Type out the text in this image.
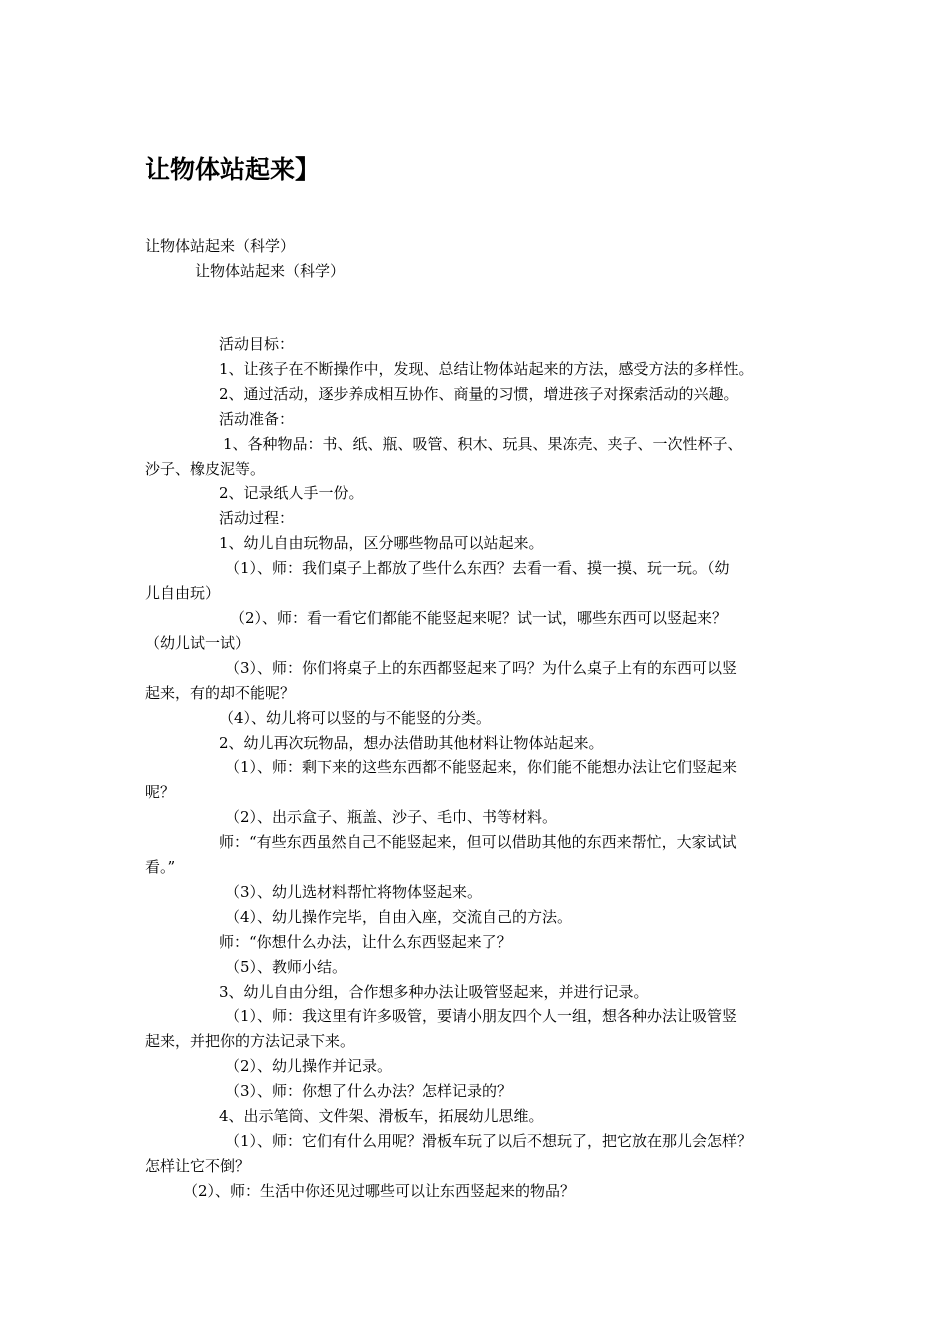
让物体站起来】
让物体站起来（科学）
让物体站起来（科学）

活动目标：

1、让孩子在不断操作中，发现、总结让物体站起来的方法，感受方法的多样性。

2、通过活动，逐步养成相互协作、商量的习惯，增进孩子对探索活动的兴趣。

活动准备：

1、各种物品：书、纸、瓶、吸管、积木、玩具、果冻壳、夹子、一次性杯子、

沙子、橡皮泥等。

2、记录纸人手一份。

活动过程：

1、幼儿自由玩物品，区分哪些物品可以站起来。

（1）、师：我们桌子上都放了些什么东西？去看一看、摸一摸、玩一玩。（幼

儿自由玩）

（2）、师：看一看它们都能不能竖起来呢？试一试，哪些东西可以竖起来？

（幼儿试一试）

（3）、师：你们将桌子上的东西都竖起来了吗？为什么桌子上有的东西可以竖

起来，有的却不能呢？

（4）、幼儿将可以竖的与不能竖的分类。

2、幼儿再次玩物品，想办法借助其他材料让物体站起来。

（1）、师：剩下来的这些东西都不能竖起来，你们能不能想办法让它们竖起来

呢？

（2）、出示盒子、瓶盖、沙子、毛巾、书等材料。

师：“有些东西虽然自己不能竖起来，但可以借助其他的东西来帮忙，大家试试

看。”

（3）、幼儿选材料帮忙将物体竖起来。

（4）、幼儿操作完毕，自由入座，交流自己的方法。

师：“你想什么办法，让什么东西竖起来了？

（5）、教师小结。

3、幼儿自由分组，合作想多种办法让吸管竖起来，并进行记录。

（1）、师：我这里有许多吸管，要请小朋友四个人一组，想各种办法让吸管竖

起来，并把你的方法记录下来。

（2）、幼儿操作并记录。

（3）、师：你想了什么办法？怎样记录的？

4、出示笔筒、文件架、滑板车，拓展幼儿思维。

（1）、师：它们有什么用呢？滑板车玩了以后不想玩了，把它放在那儿会怎样？

怎样让它不倒？

（2）、师：生活中你还见过哪些可以让东西竖起来的物品？
